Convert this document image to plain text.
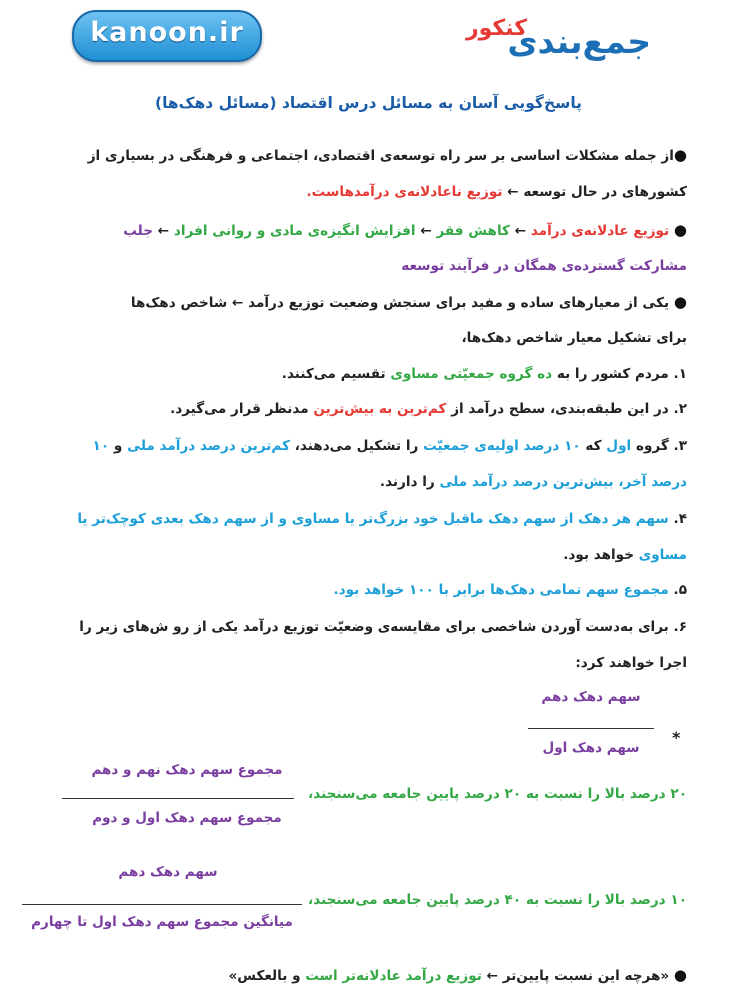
kanoon.ir	جمع‌بندی
کنکور
پاسخ‌گویی آسان به مسائل درس اقتصاد (مسائل دهک‌ها)
● از جمله مشکلات اساسی بر سر راه توسعه‌ی اقتصادی، اجتماعی و فرهنگی در بسیاری از
کشورهای در حال توسعه ← توزیع ناعادلانه‌ی درآمدهاست.
● توزیع عادلانه‌ی درآمد ← کاهش فقر ← افزایش انگیزه‌ی مادی و روانی افراد ← جلب
مشارکت گسترده‌ی همگان در فرآیند توسعه
● یکی از معیارهای ساده و مفید برای سنجش وضعیت توزیع درآمد ← شاخص دهک‌ها
برای تشکیل معیار شاخص دهک‌ها،
۱. مردم کشور را به ده گروه جمعیّتی مساوی تقسیم می‌کنند.
۲. در این طبقه‌بندی، سطح درآمد از کم‌ترین به بیش‌ترین مدنظر قرار می‌گیرد.
۳. گروه اول که ۱۰ درصد اولیه‌ی جمعیّت را تشکیل می‌دهند، کم‌ترین درصد درآمد ملی و ۱۰
درصد آخر، بیش‌ترین درصد درآمد ملی را دارند.
۴. سهم هر دهک از سهم دهک ماقبل خود بزرگ‌تر یا مساوی و از سهم دهک بعدی کوچک‌تر یا
مساوی خواهد بود.
۵. مجموع سهم تمامی دهک‌ها برابر با ۱۰۰ خواهد بود.
۶. برای به‌دست آوردن شاخصی برای مقایسه‌ی وضعیّت توزیع درآمد یکی از رو ش‌های زیر را
اجرا خواهند کرد:
سهم دهک دهم
سهم دهک اول
*
مجموع سهم دهک نهم و دهم
مجموع سهم دهک اول و دوم
۲۰ درصد بالا را نسبت به ۲۰ درصد پایین جامعه می‌سنجند،
سهم دهک دهم
میانگین مجموع سهم دهک اول تا چهارم
۱۰ درصد بالا را نسبت به ۴۰ درصد پایین جامعه می‌سنجند،
● «هرچه این نسبت پایین‌تر ← توزیع درآمد عادلانه‌تر است و بالعکس»
